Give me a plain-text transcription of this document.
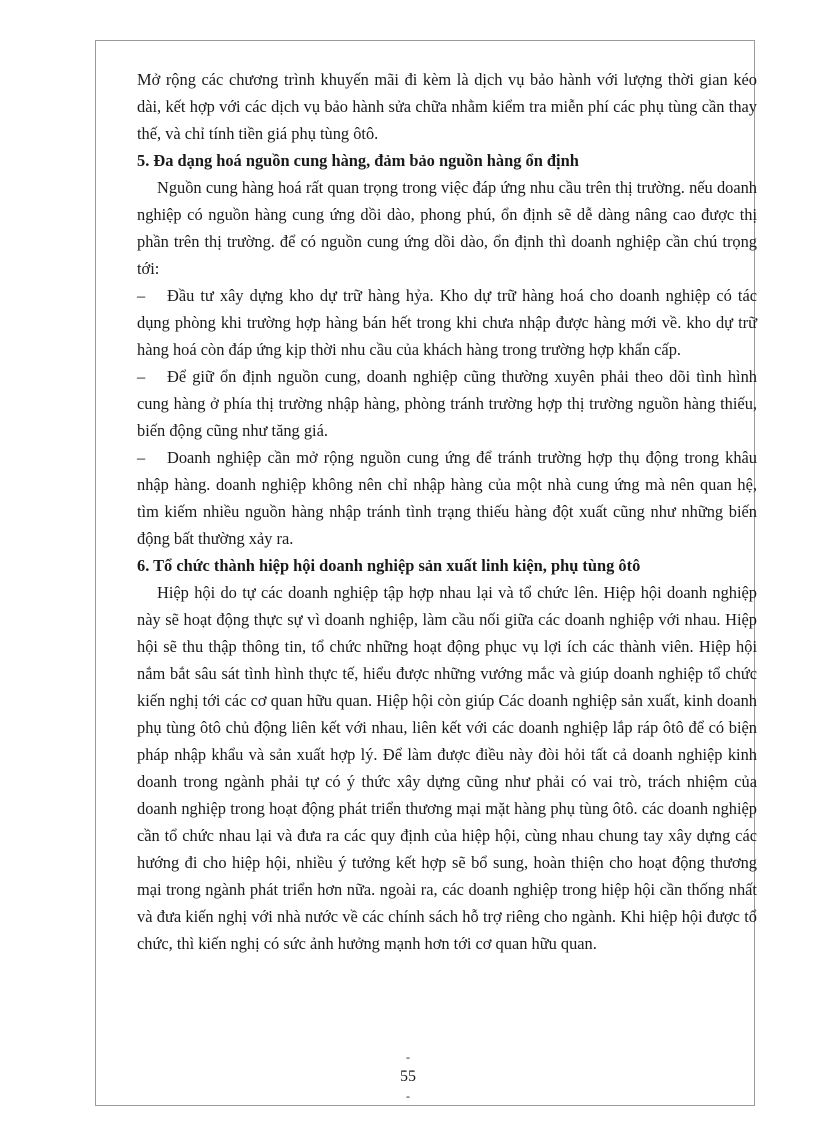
Mở rộng các chương trình khuyến mãi đi kèm là dịch vụ bảo hành với lượng thời gian kéo dài, kết hợp với các dịch vụ bảo hành sửa chữa nhằm kiểm tra miễn phí các phụ tùng cần thay thế, và chỉ tính tiền giá phụ tùng ôtô.

5. Đa dạng hoá nguồn cung hàng, đảm bảo nguồn hàng ổn định

Nguồn cung hàng hoá rất quan trọng trong việc đáp ứng nhu cầu trên thị trường. nếu doanh nghiệp có nguồn hàng cung ứng dồi dào, phong phú, ổn định sẽ dễ dàng nâng cao được thị phần trên thị trường. để có nguồn cung ứng dồi dào, ổn định thì doanh nghiệp cần chú trọng tới:

– Đầu tư xây dựng kho dự trữ hàng hỷa. Kho dự trữ hàng hoá cho doanh nghiệp có tác dụng phòng khi trường hợp hàng bán hết trong khi chưa nhập được hàng mới về. kho dự trữ hàng hoá còn đáp ứng kịp thời nhu cầu của khách hàng trong trường hợp khẩn cấp.

– Để giữ ổn định nguồn cung, doanh nghiệp cũng thường xuyên phải theo dõi tình hình cung hàng ở phía thị trường nhập hàng, phòng tránh trường hợp thị trường nguồn hàng thiếu, biến động cũng như tăng giá.

– Doanh nghiệp cần mở rộng nguồn cung ứng để tránh trường hợp thụ động trong khâu nhập hàng. doanh nghiệp không nên chỉ nhập hàng của một nhà cung ứng mà nên quan hệ, tìm kiếm nhiều nguồn hàng nhập tránh tình trạng thiếu hàng đột xuất cũng như những biến động bất thường xảy ra.

6. Tổ chức thành hiệp hội doanh nghiệp sản xuất linh kiện, phụ tùng ôtô

Hiệp hội do tự các doanh nghiệp tập hợp nhau lại và tổ chức lên. Hiệp hội doanh nghiệp này sẽ hoạt động thực sự vì doanh nghiệp, làm cầu nối giữa các doanh nghiệp với nhau. Hiệp hội sẽ thu thập thông tin, tổ chức những hoạt động phục vụ lợi ích các thành viên. Hiệp hội nắm bắt sâu sát tình hình thực tế, hiểu được những vướng mắc và giúp doanh nghiệp tổ chức kiến nghị tới các cơ quan hữu quan. Hiệp hội còn giúp Các doanh nghiệp sản xuất, kinh doanh phụ tùng ôtô chủ động liên kết với nhau, liên kết với các doanh nghiệp lắp ráp ôtô để có biện pháp nhập khẩu và sản xuất hợp lý. Để làm được điều này đòi hỏi tất cả doanh nghiệp kinh doanh trong ngành phải tự có ý thức xây dựng cũng như phải có vai trò, trách nhiệm của doanh nghiệp trong hoạt động phát triển thương mại mặt hàng phụ tùng ôtô. các doanh nghiệp cần tổ chức nhau lại và đưa ra các quy định của hiệp hội, cùng nhau chung tay xây dựng các hướng đi cho hiệp hội, nhiều ý tưởng kết hợp sẽ bổ sung, hoàn thiện cho hoạt động thương mại trong ngành phát triển hơn nữa. ngoài ra, các doanh nghiệp trong hiệp hội cần thống nhất và đưa kiến nghị với nhà nước về các chính sách hỗ trợ riêng cho ngành. Khi hiệp hội được tổ chức, thì kiến nghị có sức ảnh hưởng mạnh hơn tới cơ quan hữu quan.

-
55
-
